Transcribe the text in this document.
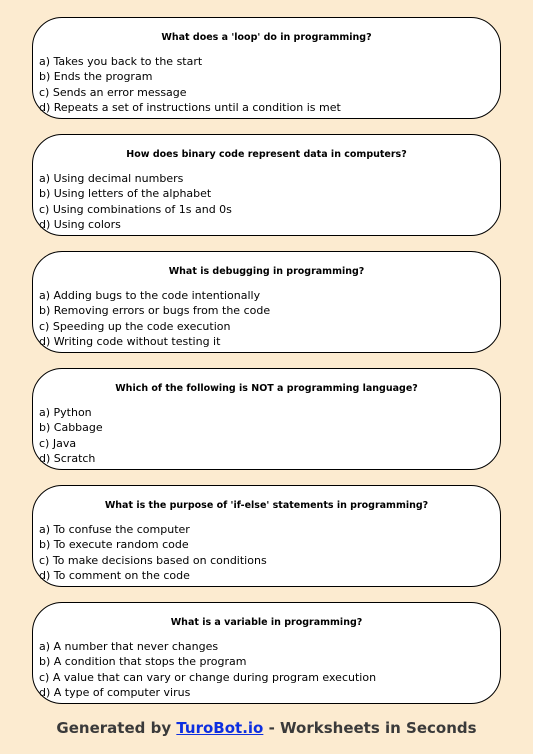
What does a 'loop' do in programming?
a) Takes you back to the start
b) Ends the program
c) Sends an error message
d) Repeats a set of instructions until a condition is met
How does binary code represent data in computers?
a) Using decimal numbers
b) Using letters of the alphabet
c) Using combinations of 1s and 0s
d) Using colors
What is debugging in programming?
a) Adding bugs to the code intentionally
b) Removing errors or bugs from the code
c) Speeding up the code execution
d) Writing code without testing it
Which of the following is NOT a programming language?
a) Python
b) Cabbage
c) Java
d) Scratch
What is the purpose of 'if-else' statements in programming?
a) To confuse the computer
b) To execute random code
c) To make decisions based on conditions
d) To comment on the code
What is a variable in programming?
a) A number that never changes
b) A condition that stops the program
c) A value that can vary or change during program execution
d) A type of computer virus
Generated by TuroBot.io - Worksheets in Seconds
